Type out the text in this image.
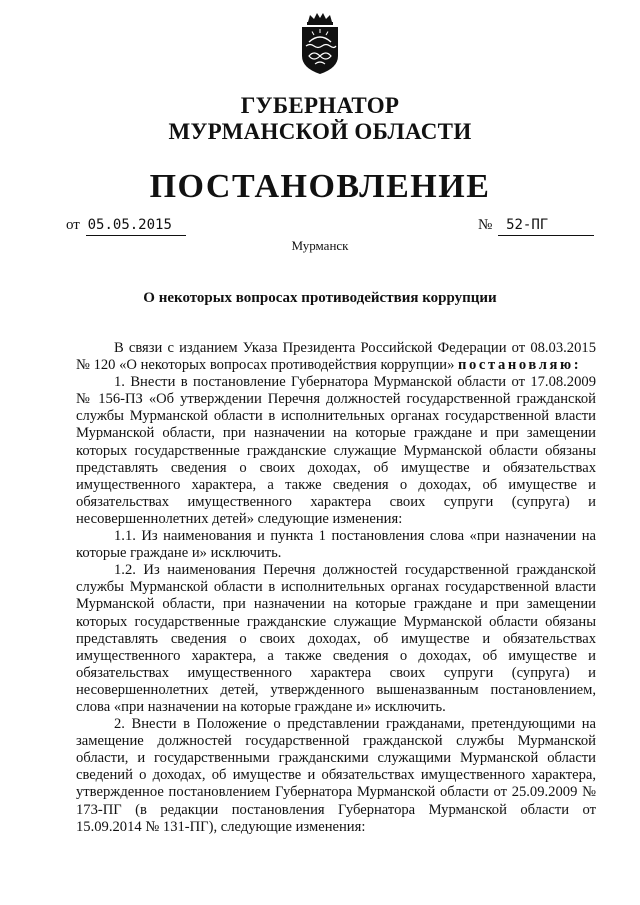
ГУБЕРНАТОР
МУРМАНСКОЙ ОБЛАСТИ
ПОСТАНОВЛЕНИЕ
от 05.05.2015	№ 52-ПГ
Мурманск
О некоторых вопросах противодействия коррупции

В связи с изданием Указа Президента Российской Федерации от 08.03.2015 № 120 «О некоторых вопросах противодействия коррупции» постановляю:

1. Внести в постановление Губернатора Мурманской области от 17.08.2009 № 156-ПЗ «Об утверждении Перечня должностей государственной гражданской службы Мурманской области в исполнительных органах государственной власти Мурманской области, при назначении на которые граждане и при замещении которых государственные гражданские служащие Мурманской области обязаны представлять сведения о своих доходах, об имуществе и обязательствах имущественного характера, а также сведения о доходах, об имуществе и обязательствах имущественного характера своих супруги (супруга) и несовершеннолетних детей» следующие изменения:

1.1. Из наименования и пункта 1 постановления слова «при назначении на которые граждане и» исключить.

1.2. Из наименования Перечня должностей государственной гражданской службы Мурманской области в исполнительных органах государственной власти Мурманской области, при назначении на которые граждане и при замещении которых государственные гражданские служащие Мурманской области обязаны представлять сведения о своих доходах, об имуществе и обязательствах имущественного характера, а также сведения о доходах, об имуществе и обязательствах имущественного характера своих супруги (супруга) и несовершеннолетних детей, утвержденного вышеназванным постановлением, слова «при назначении на которые граждане и» исключить.

2. Внести в Положение о представлении гражданами, претендующими на замещение должностей государственной гражданской службы Мурманской области, и государственными гражданскими служащими Мурманской области сведений о доходах, об имуществе и обязательствах имущественного характера, утвержденное постановлением Губернатора Мурманской области от 25.09.2009 № 173-ПГ (в редакции постановления Губернатора Мурманской области от 15.09.2014 № 131-ПГ), следующие изменения:
